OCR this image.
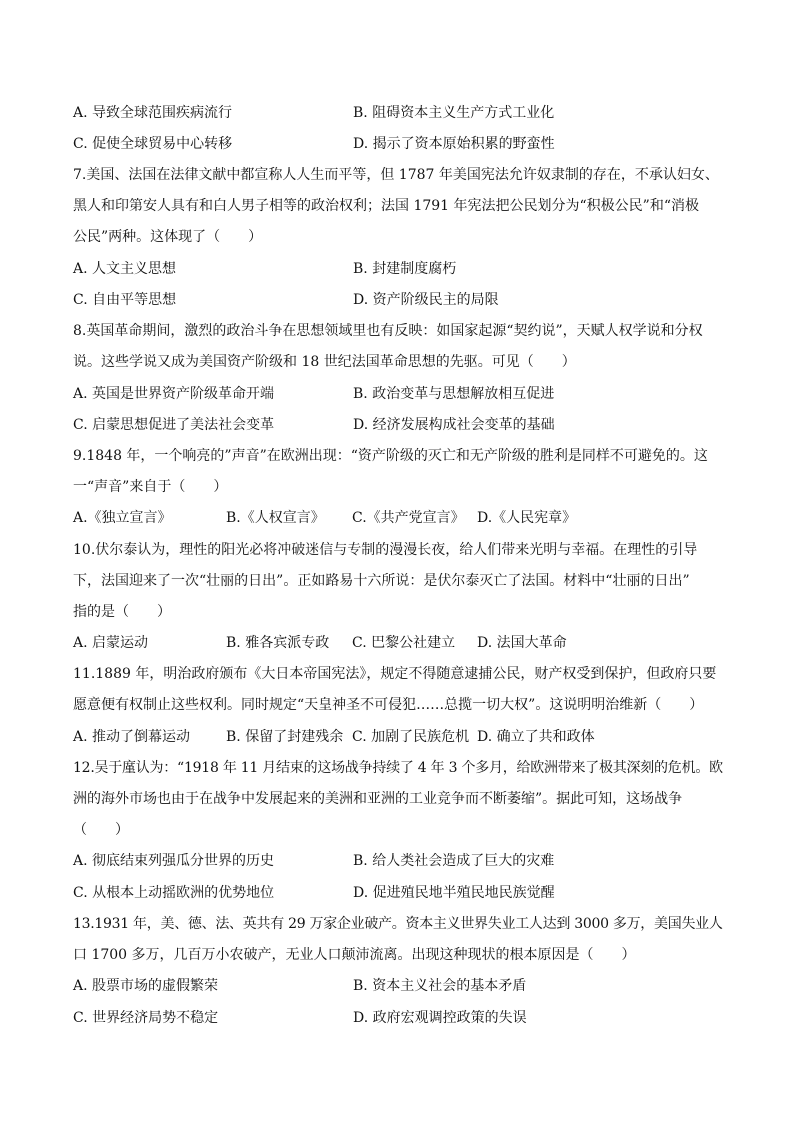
A. 导致全球范围疾病流行	B. 阻碍资本主义生产方式工业化
C. 促使全球贸易中心转移	D. 揭示了资本原始积累的野蛮性
7.美国、法国在法律文献中都宣称人人生而平等，但 1787 年美国宪法允许奴隶制的存在，不承认妇女、
黑人和印第安人具有和白人男子相等的政治权利；法国 1791 年宪法把公民划分为“积极公民”和“消极
公民”两种。这体现了（　　）
A. 人文主义思想	B. 封建制度腐朽
C. 自由平等思想	D. 资产阶级民主的局限
8.英国革命期间，激烈的政治斗争在思想领域里也有反映：如国家起源“契约说”，天赋人权学说和分权
说。这些学说又成为美国资产阶级和 18 世纪法国革命思想的先驱。可见（　　）
A. 英国是世界资产阶级革命开端	B. 政治变革与思想解放相互促进
C. 启蒙思想促进了美法社会变革	D. 经济发展构成社会变革的基础
9.1848 年，一个响亮的”声音”在欧洲出现：“资产阶级的灭亡和无产阶级的胜利是同样不可避免的。这
一“声音”来自于（　　）
A.《独立宣言》	B.《人权宣言》 C.《共产党宣言》 D.《人民宪章》
10.伏尔泰认为，理性的阳光必将冲破迷信与专制的漫漫长夜，给人们带来光明与幸福。在理性的引导
下，法国迎来了一次“壮丽的日出”。正如路易十六所说：是伏尔泰灭亡了法国。材料中“壮丽的日出”
指的是（　　）
A. 启蒙运动	B. 雅各宾派专政 C. 巴黎公社建立 D. 法国大革命
11.1889 年，明治政府颁布《大日本帝国宪法》，规定不得随意逮捕公民，财产权受到保护，但政府只要
愿意便有权制止这些权利。同时规定“天皇神圣不可侵犯……总揽一切大权”。这说明明治维新（　　）
A. 推动了倒幕运动	B. 保留了封建残余 C. 加剧了民族危机 D. 确立了共和政体
12.吴于廑认为：“1918 年 11 月结束的这场战争持续了 4 年 3 个多月，给欧洲带来了极其深刻的危机。欧
洲的海外市场也由于在战争中发展起来的美洲和亚洲的工业竞争而不断萎缩”。据此可知，这场战争
（　　）
A. 彻底结束列强瓜分世界的历史	B. 给人类社会造成了巨大的灾难
C. 从根本上动摇欧洲的优势地位	D. 促进殖民地半殖民地民族觉醒
13.1931 年，美、德、法、英共有 29 万家企业破产。资本主义世界失业工人达到 3000 多万，美国失业人
口 1700 多万，几百万小农破产，无业人口颠沛流离。出现这种现状的根本原因是（　　）
A. 股票市场的虚假繁荣	B. 资本主义社会的基本矛盾
C. 世界经济局势不稳定	D. 政府宏观调控政策的失误
